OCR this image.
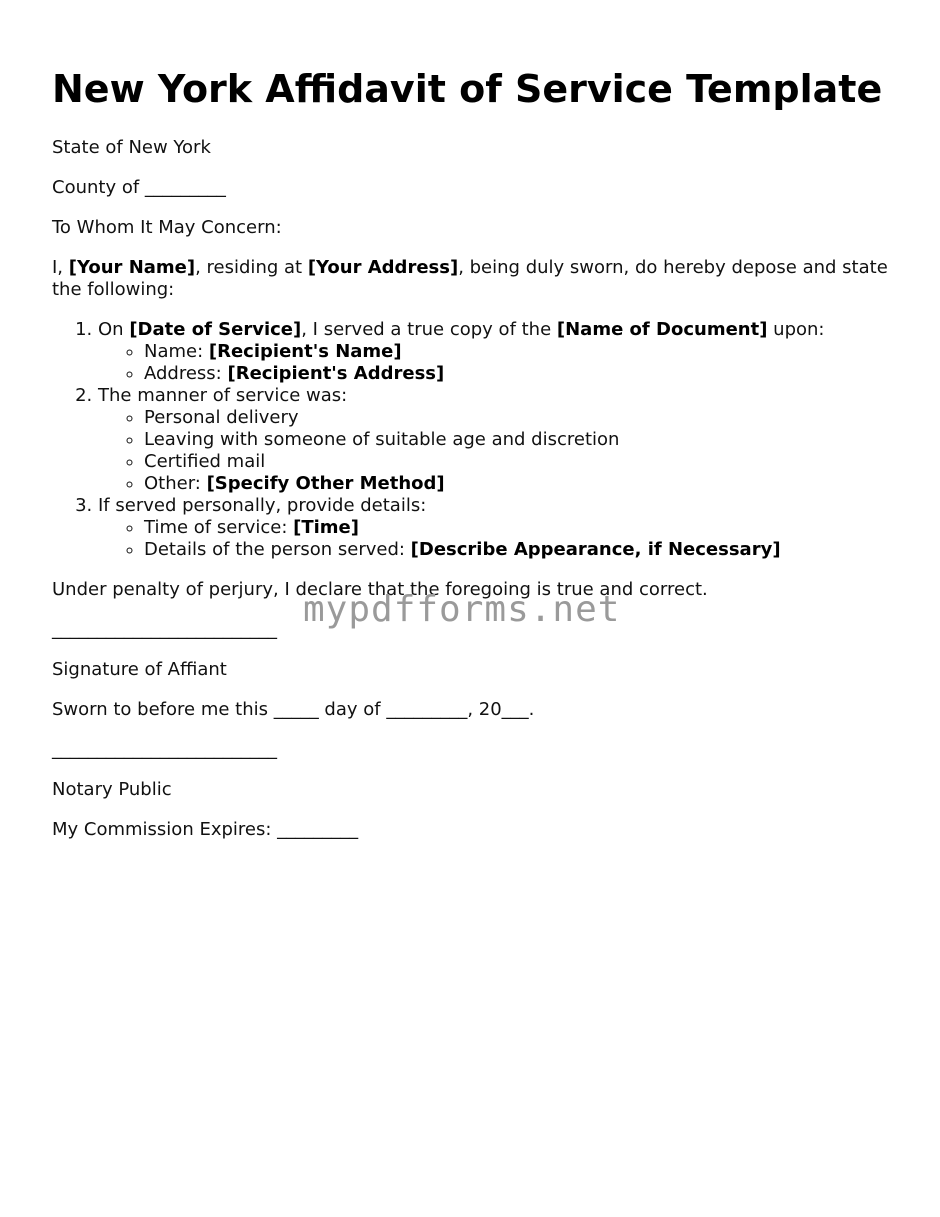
New York Affidavit of Service Template

State of New York

County of _________

To Whom It May Concern:

I, [Your Name], residing at [Your Address], being duly sworn, do hereby depose and state the following:

1. On [Date of Service], I served a true copy of the [Name of Document] upon:
◦ Name: [Recipient's Name]
◦ Address: [Recipient's Address]
2. The manner of service was:
◦ Personal delivery
◦ Leaving with someone of suitable age and discretion
◦ Certified mail
◦ Other: [Specify Other Method]
3. If served personally, provide details:
◦ Time of service: [Time]
◦ Details of the person served: [Describe Appearance, if Necessary]

Under penalty of perjury, I declare that the foregoing is true and correct.

_________________________

Signature of Affiant

Sworn to before me this _____ day of _________, 20___.

_________________________

Notary Public

My Commission Expires: _________

mypdfforms.net
